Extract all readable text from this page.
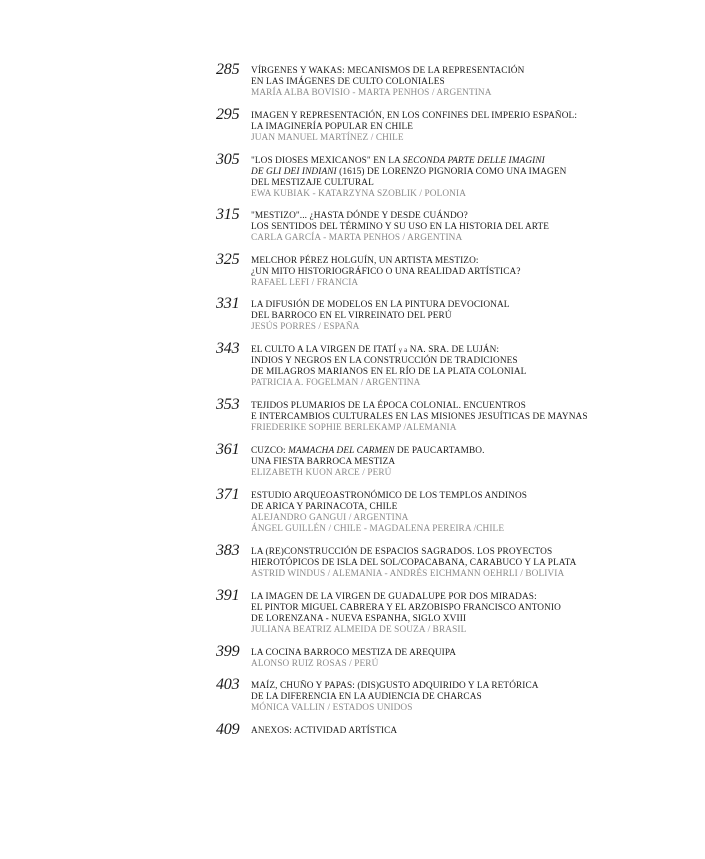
285	VÍRGENES Y WAKAS: MECANISMOS DE LA REPRESENTACIÓN
EN LAS IMÁGENES DE CULTO COLONIALES
MARÍA ALBA BOVISIO - MARTA PENHOS / ARGENTINA
295	IMAGEN Y REPRESENTACIÓN, EN LOS CONFINES DEL IMPERIO ESPAÑOL:
LA IMAGINERÍA POPULAR EN CHILE
JUAN MANUEL MARTÍNEZ / CHILE
305	"LOS DIOSES MEXICANOS" EN LA SECONDA PARTE DELLE IMAGINI
DE GLI DEI INDIANI (1615) DE LORENZO PIGNORIA COMO UNA IMAGEN
DEL MESTIZAJE CULTURAL
EWA KUBIAK - KATARZYNA SZOBLIK / POLONIA
315	"MESTIZO"... ¿HASTA DÓNDE Y DESDE CUÁNDO?
LOS SENTIDOS DEL TÉRMINO Y SU USO EN LA HISTORIA DEL ARTE
CARLA GARCÍA - MARTA PENHOS / ARGENTINA
325	MELCHOR PÉREZ HOLGUÍN, UN ARTISTA MESTIZO:
¿UN MITO HISTORIOGRÁFICO O UNA REALIDAD ARTÍSTICA?
RAFAEL LEFI / FRANCIA
331	LA DIFUSIÓN DE MODELOS EN LA PINTURA DEVOCIONAL
DEL BARROCO EN EL VIRREINATO DEL PERÚ
JESÚS PORRES / ESPAÑA
343	EL CULTO A LA VIRGEN DE ITATÍ y a NA. SRA. DE LUJÁN:
INDIOS Y NEGROS EN LA CONSTRUCCIÓN DE TRADICIONES
DE MILAGROS MARIANOS EN EL RÍO DE LA PLATA COLONIAL
PATRICIA A. FOGELMAN / ARGENTINA
353	TEJIDOS PLUMARIOS DE LA ÉPOCA COLONIAL. ENCUENTROS
E INTERCAMBIOS CULTURALES EN LAS MISIONES JESUÍTICAS DE MAYNAS
FRIEDERIKE SOPHIE BERLEKAMP /ALEMANIA
361	CUZCO: MAMACHA DEL CARMEN DE PAUCARTAMBO.
UNA FIESTA BARROCA MESTIZA
ELIZABETH KUON ARCE / PERÚ
371	ESTUDIO ARQUEOASTRONÓMICO DE LOS TEMPLOS ANDINOS
DE ARICA Y PARINACOTA, CHILE
ALEJANDRO GANGUI / ARGENTINA
ÁNGEL GUILLÉN / CHILE - MAGDALENA PEREIRA /CHILE
383	LA (RE)CONSTRUCCIÓN DE ESPACIOS SAGRADOS. LOS PROYECTOS
HIEROTÓPICOS DE ISLA DEL SOL/COPACABANA, CARABUCO Y LA PLATA
ASTRID WINDUS / ALEMANIA - ANDRÉS EICHMANN OEHRLI / BOLIVIA
391	LA IMAGEN DE LA VIRGEN DE GUADALUPE POR DOS MIRADAS:
EL PINTOR MIGUEL CABRERA Y EL ARZOBISPO FRANCISCO ANTONIO
DE LORENZANA - NUEVA ESPANHA, SIGLO XVIII
JULIANA BEATRIZ ALMEIDA DE SOUZA / BRASIL
399	LA COCINA BARROCO MESTIZA DE AREQUIPA
ALONSO RUIZ ROSAS / PERÚ
403	MAÍZ, CHUÑO Y PAPAS: (DIS)GUSTO ADQUIRIDO Y LA RETÓRICA
DE LA DIFERENCIA EN LA AUDIENCIA DE CHARCAS
MÓNICA VALLIN / ESTADOS UNIDOS
409	ANEXOS: ACTIVIDAD ARTÍSTICA
